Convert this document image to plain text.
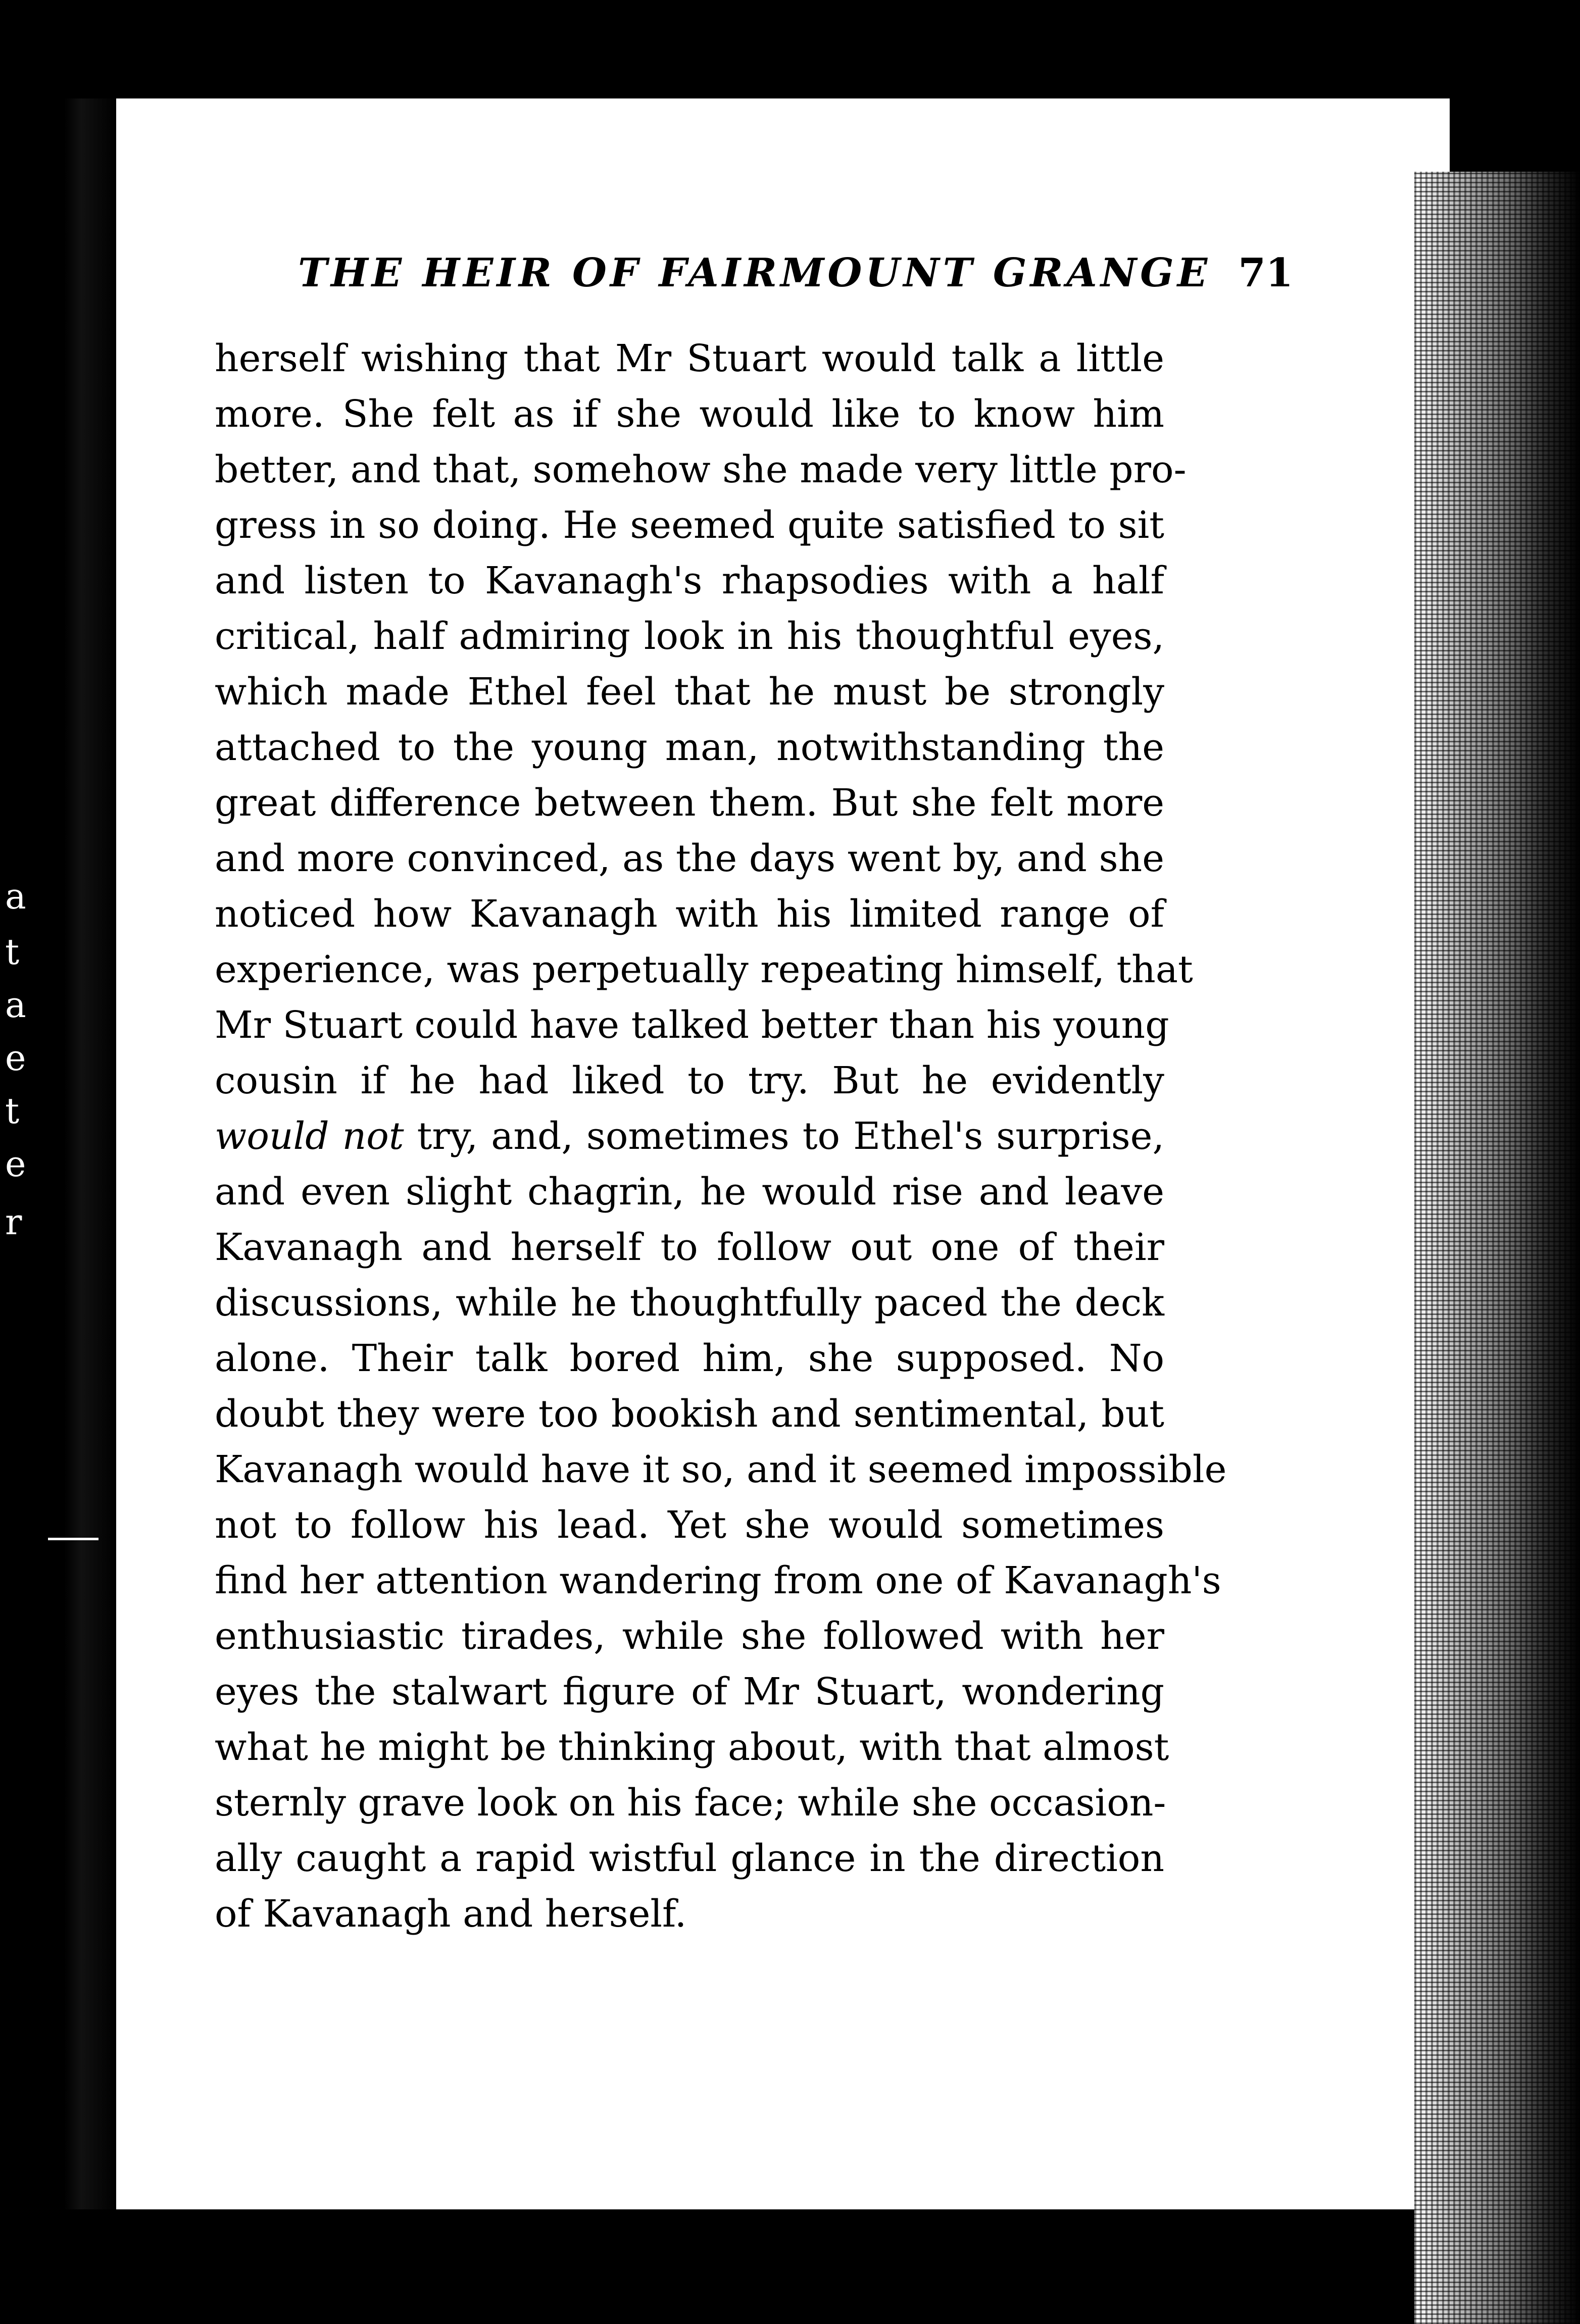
a
t
a
e
t
e
r
THE HEIR OF FAIRMOUNT GRANGE 71
herself wishing that Mr Stuart would talk a little
more. She felt as if she would like to know him
better, and that, somehow she made very little pro-
gress in so doing. He seemed quite satisfied to sit
and listen to Kavanagh's rhapsodies with a half
critical, half admiring look in his thoughtful eyes,
which made Ethel feel that he must be strongly
attached to the young man, notwithstanding the
great difference between them. But she felt more
and more convinced, as the days went by, and she
noticed how Kavanagh with his limited range of
experience, was perpetually repeating himself, that
Mr Stuart could have talked better than his young
cousin if he had liked to try. But he evidently
would not try, and, sometimes to Ethel's surprise,
and even slight chagrin, he would rise and leave
Kavanagh and herself to follow out one of their
discussions, while he thoughtfully paced the deck
alone. Their talk bored him, she supposed. No
doubt they were too bookish and sentimental, but
Kavanagh would have it so, and it seemed impossible
not to follow his lead. Yet she would sometimes
find her attention wandering from one of Kavanagh's
enthusiastic tirades, while she followed with her
eyes the stalwart figure of Mr Stuart, wondering
what he might be thinking about, with that almost
sternly grave look on his face; while she occasion-
ally caught a rapid wistful glance in the direction
of Kavanagh and herself.
